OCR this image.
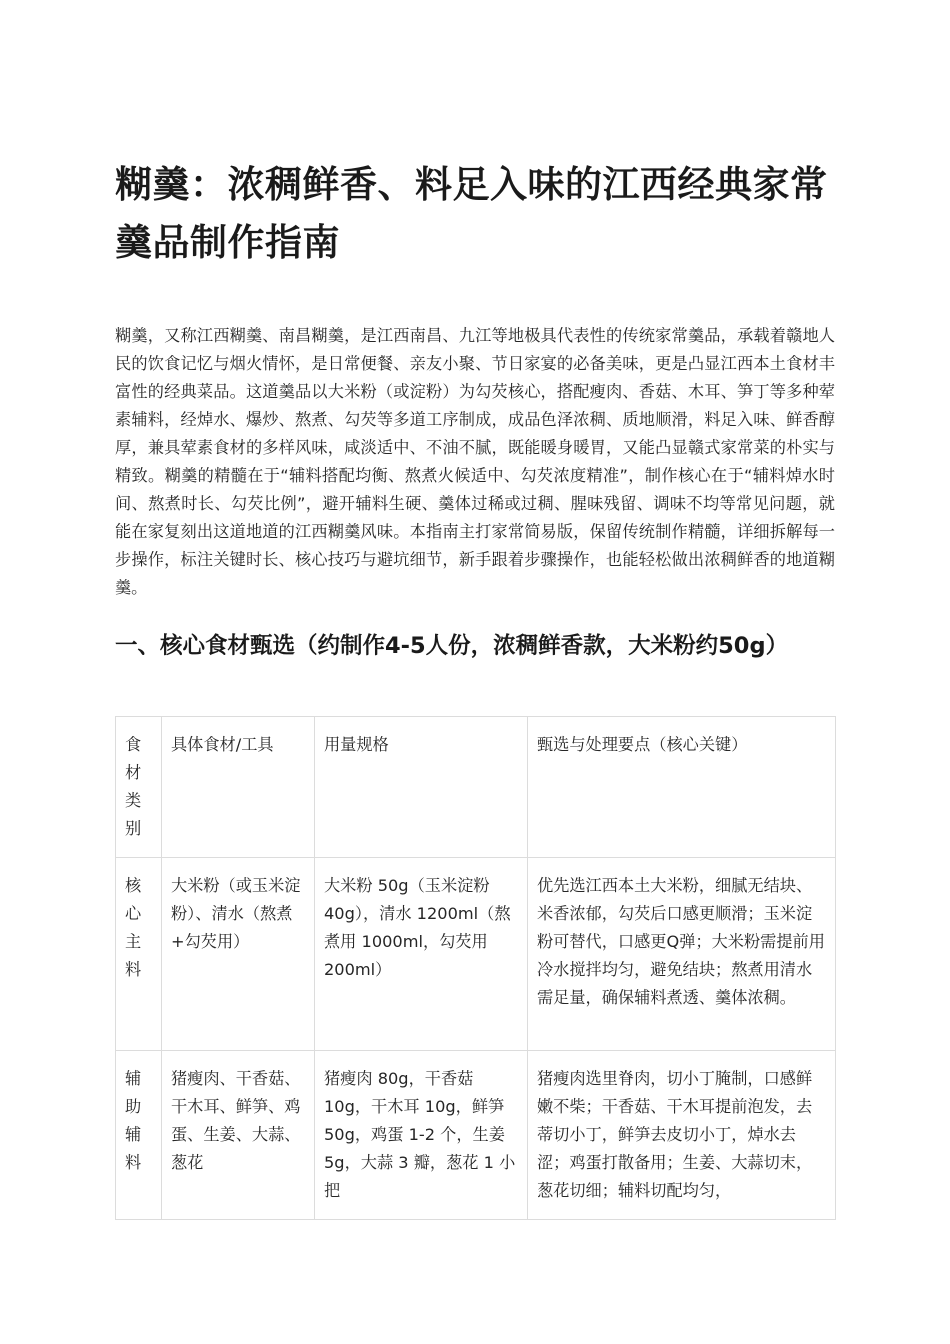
糊羹：浓稠鲜香、料足入味的江西经典家常羹品制作指南

糊羹，又称江西糊羹、南昌糊羹，是江西南昌、九江等地极具代表性的传统家常羹品，承载着赣地人民的饮食记忆与烟火情怀，是日常便餐、亲友小聚、节日家宴的必备美味，更是凸显江西本土食材丰富性的经典菜品。这道羹品以大米粉（或淀粉）为勾芡核心，搭配瘦肉、香菇、木耳、笋丁等多种荤素辅料，经焯水、爆炒、熬煮、勾芡等多道工序制成，成品色泽浓稠、质地顺滑，料足入味、鲜香醇厚，兼具荤素食材的多样风味，咸淡适中、不油不腻，既能暖身暖胃，又能凸显赣式家常菜的朴实与精致。糊羹的精髓在于“辅料搭配均衡、熬煮火候适中、勾芡浓度精准”，制作核心在于“辅料焯水时间、熬煮时长、勾芡比例”，避开辅料生硬、羹体过稀或过稠、腥味残留、调味不均等常见问题，就能在家复刻出这道地道的江西糊羹风味。本指南主打家常简易版，保留传统制作精髓，详细拆解每一步操作，标注关键时长、核心技巧与避坑细节，新手跟着步骤操作，也能轻松做出浓稠鲜香的地道糊羹。

一、核心食材甄选（约制作4-5人份，浓稠鲜香款，大米粉约50g）
食材类别	具体食材/工具	用量规格	甄选与处理要点（核心关键）
核心主料	大米粉（或玉米淀粉）、清水（熬煮+勾芡用）	大米粉 50g（玉米淀粉 40g），清水 1200ml（熬煮用 1000ml，勾芡用 200ml）	优先选江西本土大米粉，细腻无结块、米香浓郁，勾芡后口感更顺滑；玉米淀粉可替代，口感更Q弹；大米粉需提前用冷水搅拌均匀，避免结块；熬煮用清水需足量，确保辅料煮透、羹体浓稠。
辅助辅料	猪瘦肉、干香菇、干木耳、鲜笋、鸡蛋、生姜、大蒜、葱花	猪瘦肉 80g，干香菇 10g，干木耳 10g，鲜笋 50g，鸡蛋 1-2 个，生姜 5g，大蒜 3 瓣，葱花 1 小把	猪瘦肉选里脊肉，切小丁腌制，口感鲜嫩不柴；干香菇、干木耳提前泡发，去蒂切小丁，鲜笋去皮切小丁，焯水去涩；鸡蛋打散备用；生姜、大蒜切末，葱花切细；辅料切配均匀，
